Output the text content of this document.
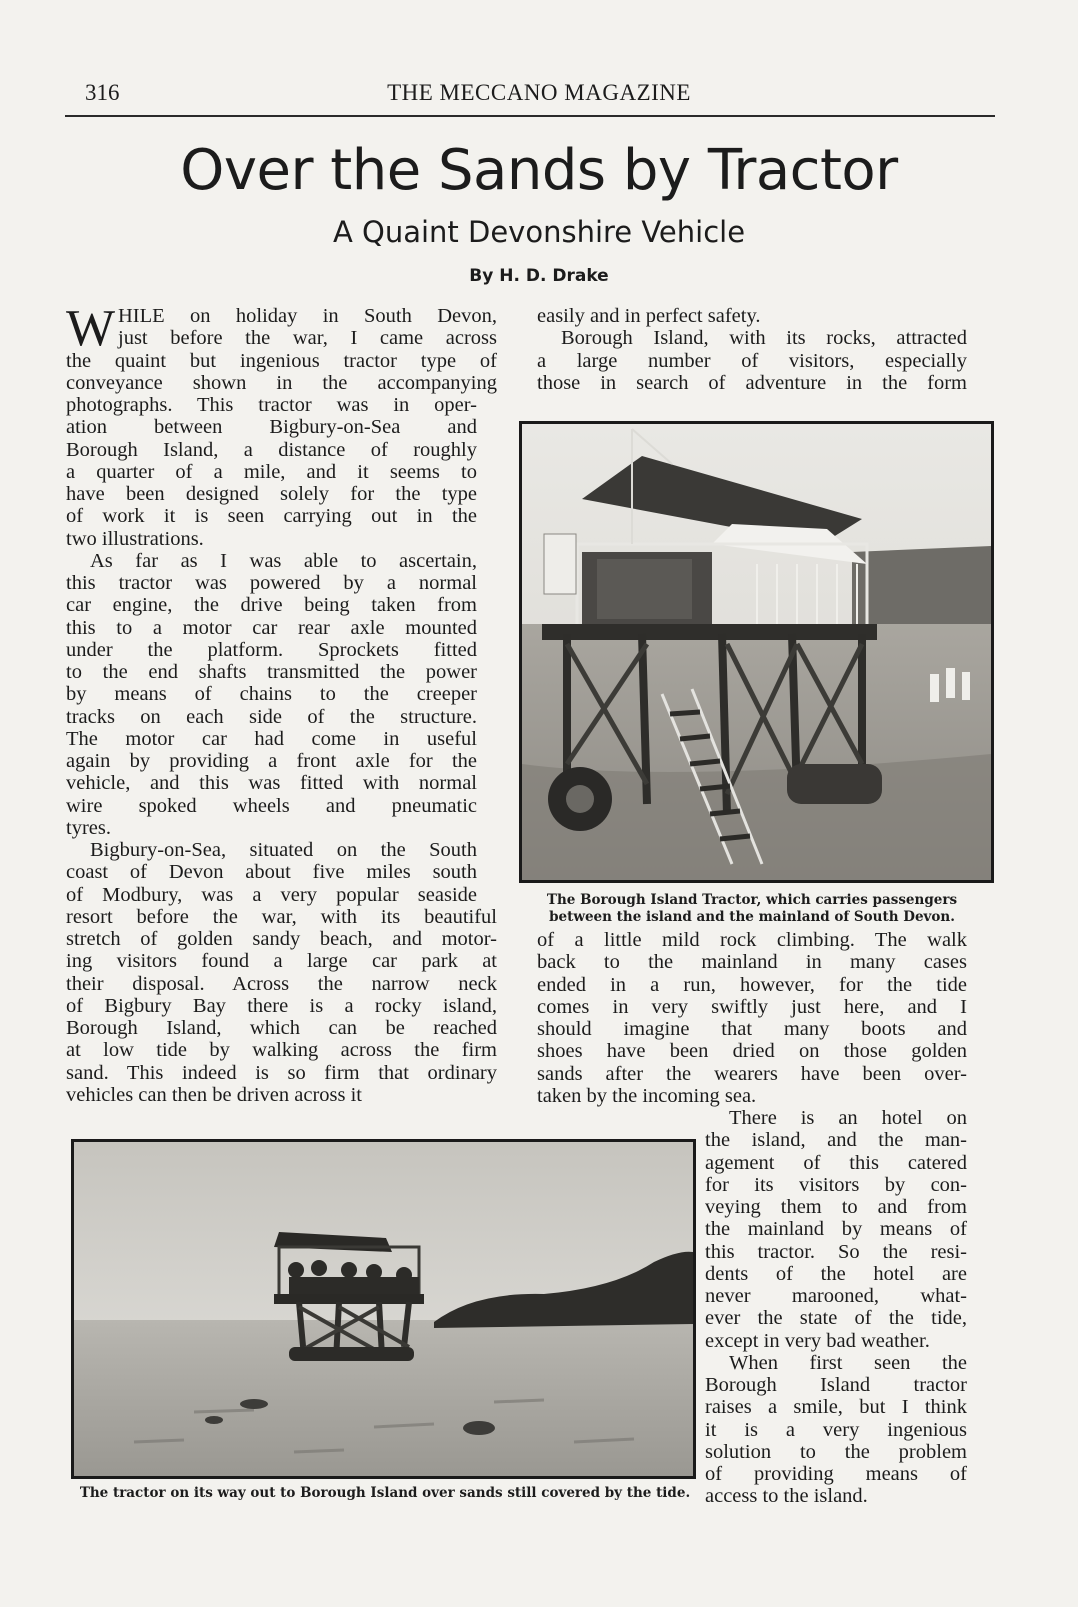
316	THE MECCANO MAGAZINE
Over the Sands by Tractor
A Quaint Devonshire Vehicle
By H. D. Drake
W HILE on holiday in South Devon,
just before the war, I came across
the quaint but ingenious tractor type of
conveyance shown in the accompanying
photographs. This tractor was in oper-
ation between Bigbury-on-Sea and
Borough Island, a distance of roughly
a quarter of a mile, and it seems to
have been designed solely for the type
of work it is seen carrying out in the
two illustrations.
As far as I was able to ascertain,
this tractor was powered by a normal
car engine, the drive being taken from
this to a motor car rear axle mounted
under the platform. Sprockets fitted
to the end shafts transmitted the power
by means of chains to the creeper
tracks on each side of the structure.
The motor car had come in useful
again by providing a front axle for the
vehicle, and this was fitted with normal
wire spoked wheels and pneumatic
tyres.
Bigbury-on-Sea, situated on the South
coast of Devon about five miles south
of Modbury, was a very popular seaside
resort before the war, with its beautiful
stretch of golden sandy beach, and motor-
ing visitors found a large car park at
their disposal. Across the narrow neck
of Bigbury Bay there is a rocky island,
Borough Island, which can be reached
at low tide by walking across the firm
sand. This indeed is so firm that ordinary
vehicles can then be driven across it
easily and in perfect safety.
Borough Island, with its rocks, attracted
a large number of visitors, especially
those in search of adventure in the form
of a little mild rock climbing. The walk
back to the mainland in many cases
ended in a run, however, for the tide
comes in very swiftly just here, and I
should imagine that many boots and
shoes have been dried on those golden
sands after the wearers have been over-
taken by the incoming sea.
There is an hotel on
the island, and the man-
agement of this catered
for its visitors by con-
veying them to and from
the mainland by means of
this tractor. So the resi-
dents of the hotel are
never marooned, what-
ever the state of the tide,
except in very bad weather.
When first seen the
Borough Island tractor
raises a smile, but I think
it is a very ingenious
solution to the problem
of providing means of
access to the island.
The Borough Island Tractor, which carries passengers
between the island and the mainland of South Devon.
The tractor on its way out to Borough Island over sands still covered by the tide.
